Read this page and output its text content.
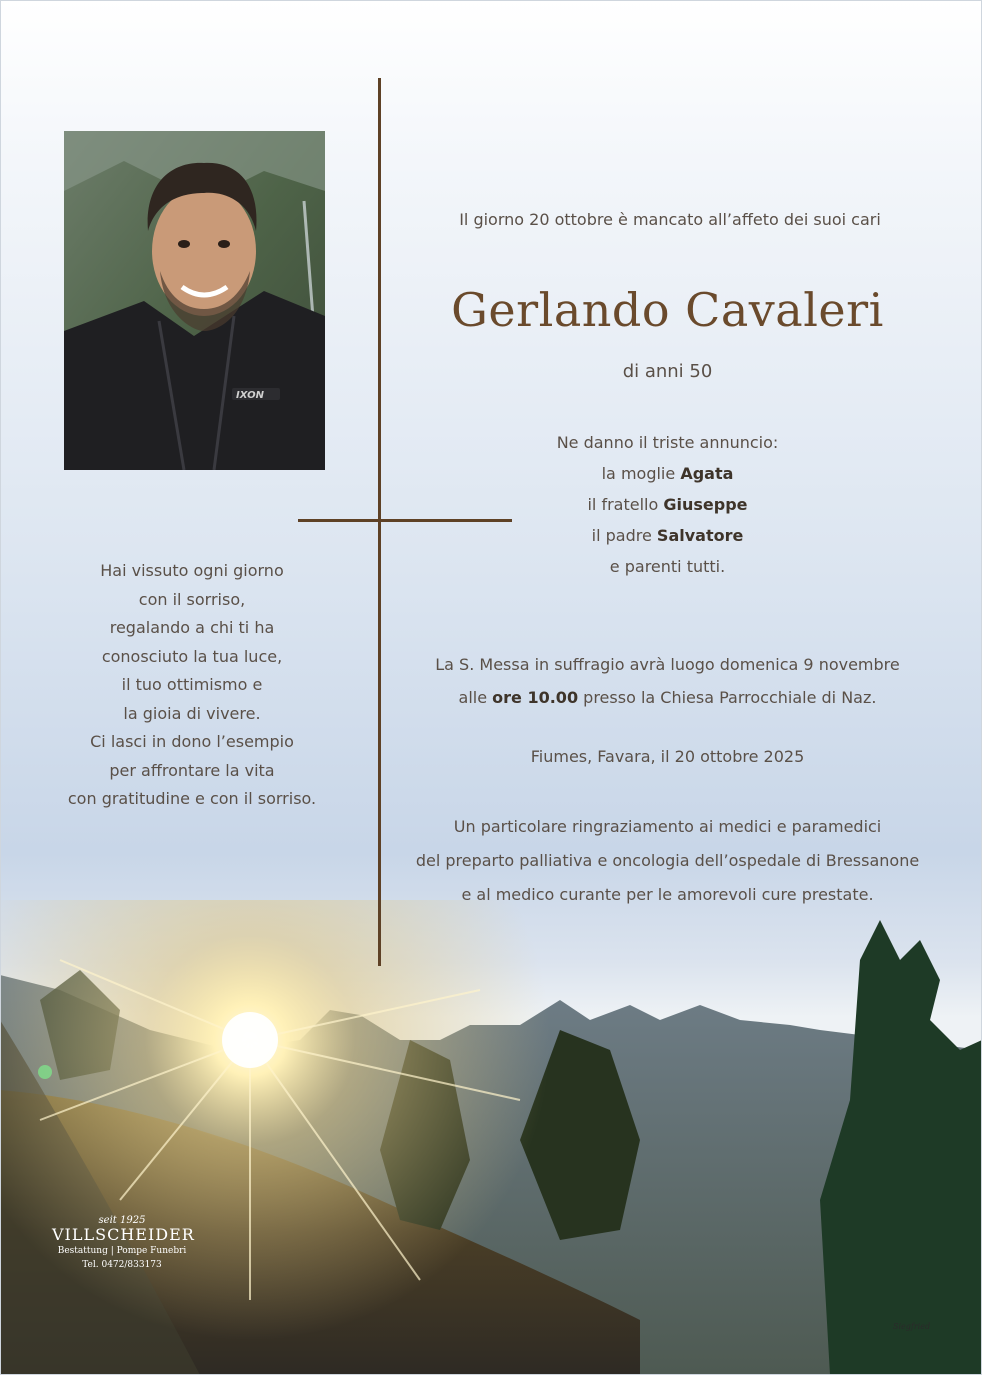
IXON
Il giorno 20 ottobre è mancato all’affeto dei suoi cari
Gerlando Cavaleri
di anni 50
Ne danno il triste annuncio:
la moglie Agata
il fratello Giuseppe
il padre Salvatore
e parenti tutti.
La S. Messa in suffragio avrà luogo domenica 9 novembre
alle ore 10.00 presso la Chiesa Parrocchiale di Naz.
Fiumes, Favara, il 20 ottobre 2025
Un particolare ringraziamento ai medici e paramedici
del preparto palliativa e oncologia dell’ospedale di Bressanone
e al medico curante per le amorevoli cure prestate.
Hai vissuto ogni giorno
con il sorriso,
regalando a chi ti ha
conosciuto la tua luce,
il tuo ottimismo e
la gioia di vivere.
Ci lasci in dono l’esempio
per affrontare la vita
con gratitudine e con il sorriso.
seit 1925
VILLSCHEIDER
Bestattung | Pompe Funebri
Tel. 0472/833173
Siegfried
